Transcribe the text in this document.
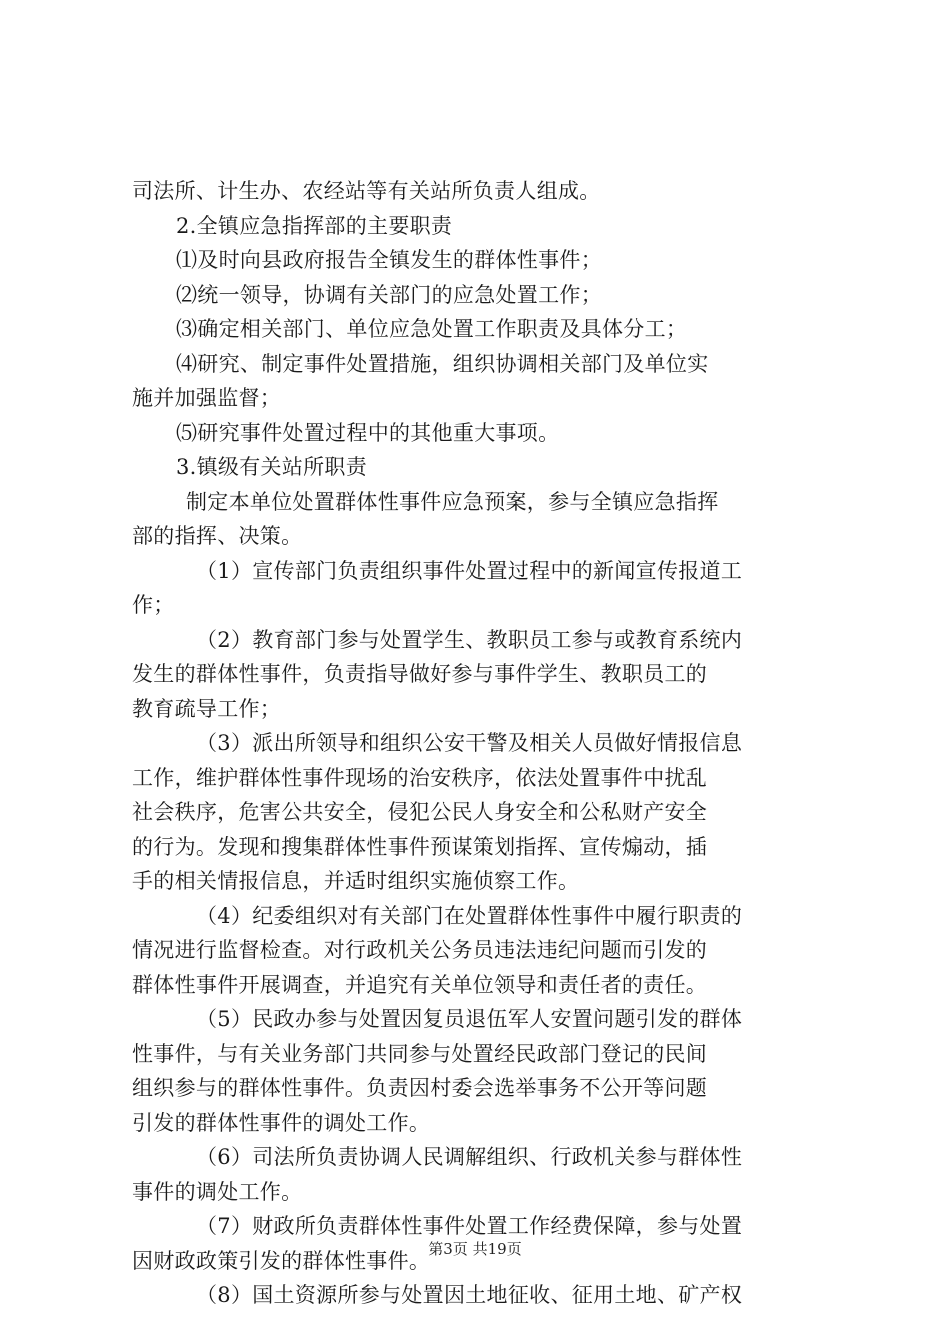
司法所、计生办、农经站等有关站所负责人组成。
2.全镇应急指挥部的主要职责
⑴及时向县政府报告全镇发生的群体性事件；
⑵统一领导，协调有关部门的应急处置工作；
⑶确定相关部门、单位应急处置工作职责及具体分工；
⑷研究、制定事件处置措施，组织协调相关部门及单位实
施并加强监督；
⑸研究事件处置过程中的其他重大事项。
3.镇级有关站所职责
制定本单位处置群体性事件应急预案，参与全镇应急指挥
部的指挥、决策。
（1）宣传部门负责组织事件处置过程中的新闻宣传报道工
作；
（2）教育部门参与处置学生、教职员工参与或教育系统内
发生的群体性事件，负责指导做好参与事件学生、教职员工的
教育疏导工作；
（3）派出所领导和组织公安干警及相关人员做好情报信息
工作，维护群体性事件现场的治安秩序，依法处置事件中扰乱
社会秩序，危害公共安全，侵犯公民人身安全和公私财产安全
的行为。发现和搜集群体性事件预谋策划指挥、宣传煽动，插
手的相关情报信息，并适时组织实施侦察工作。
（4）纪委组织对有关部门在处置群体性事件中履行职责的
情况进行监督检查。对行政机关公务员违法违纪问题而引发的
群体性事件开展调查，并追究有关单位领导和责任者的责任。
（5）民政办参与处置因复员退伍军人安置问题引发的群体
性事件，与有关业务部门共同参与处置经民政部门登记的民间
组织参与的群体性事件。负责因村委会选举事务不公开等问题
引发的群体性事件的调处工作。
（6）司法所负责协调人民调解组织、行政机关参与群体性
事件的调处工作。
（7）财政所负责群体性事件处置工作经费保障，参与处置
因财政政策引发的群体性事件。
（8）国土资源所参与处置因土地征收、征用土地、矿产权
第3页 共19页
